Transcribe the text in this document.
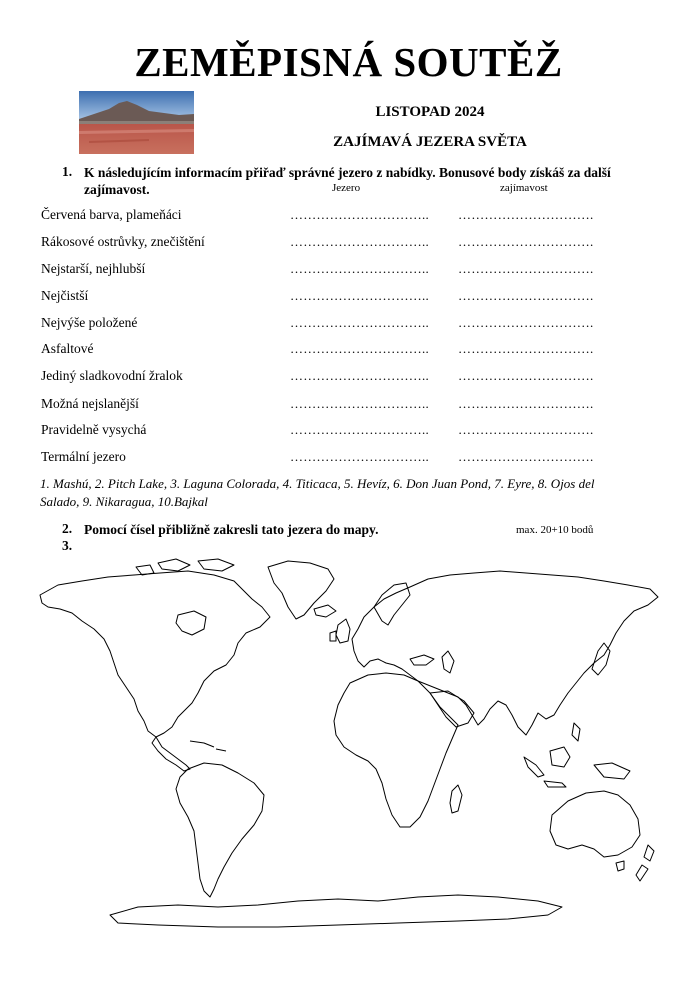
ZEMĚPISNÁ SOUTĚŽ
LISTOPAD 2024
ZAJÍMAVÁ JEZERA SVĚTA
1. K následujícím informacím přiřaď správné jezero z nabídky. Bonusové body získáš za další
zajímavost.	Jezero	zajímavost
Červená barva, plameňáci	………………………….. ………………………….
Rákosové ostrůvky, znečištění	………………………….. ………………………….
Nejstarší, nejhlubší	………………………….. ………………………….
Nejčistší	………………………….. ………………………….
Nejvýše položené	………………………….. ………………………….
Asfaltové	………………………….. ………………………….
Jediný sladkovodní žralok	………………………….. ………………………….
Možná nejslanější	………………………….. ………………………….
Pravidelně vysychá	………………………….. ………………………….
Termální jezero	………………………….. ………………………….
1. Mashú, 2. Pitch Lake, 3. Laguna Colorada, 4. Titicaca, 5. Hevíz, 6. Don Juan Pond, 7. Eyre, 8. Ojos del
Salado, 9. Nikaragua, 10.Bajkal
2. Pomocí čísel přibližně zakresli tato jezera do mapy.	max. 20+10 bodů
3.
